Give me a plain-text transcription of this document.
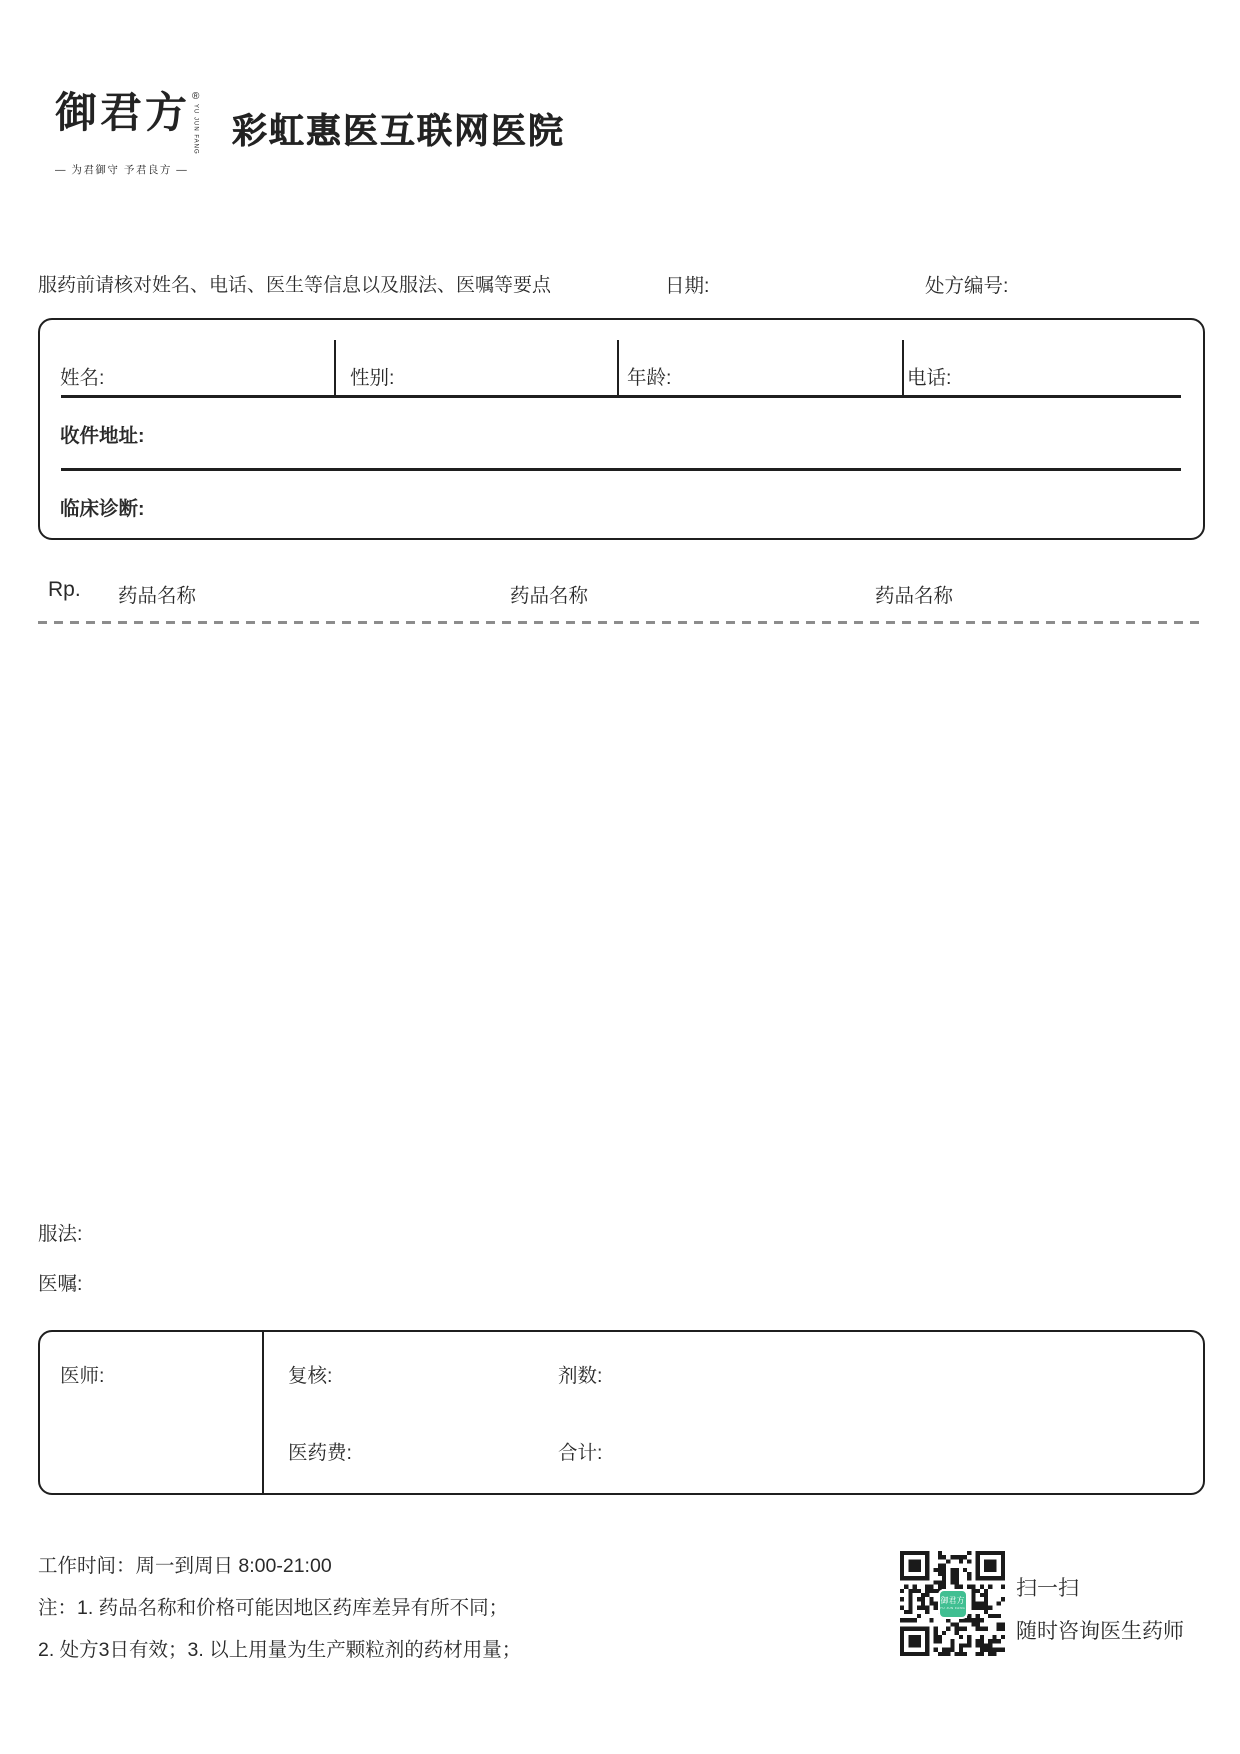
御君方 ®
YU JUN FANG
— 为君御守 予君良方 —
彩虹惠医互联网医院
服药前请核对姓名、电话、医生等信息以及服法、医嘱等要点	日期:	处方编号:
姓名:	性别:	年龄:	电话:
收件地址:
临床诊断:
Rp. 药品名称	药品名称	药品名称
服法:
医嘱:
医师:	复核:	剂数:
医药费:	合计:
工作时间：周一到周日 8:00-21:00
注：1. 药品名称和价格可能因地区药库差异有所不同；
2. 处方3日有效；3. 以上用量为生产颗粒剂的药材用量；
御君方
YU JUN FANG
扫一扫
随时咨询医生药师
